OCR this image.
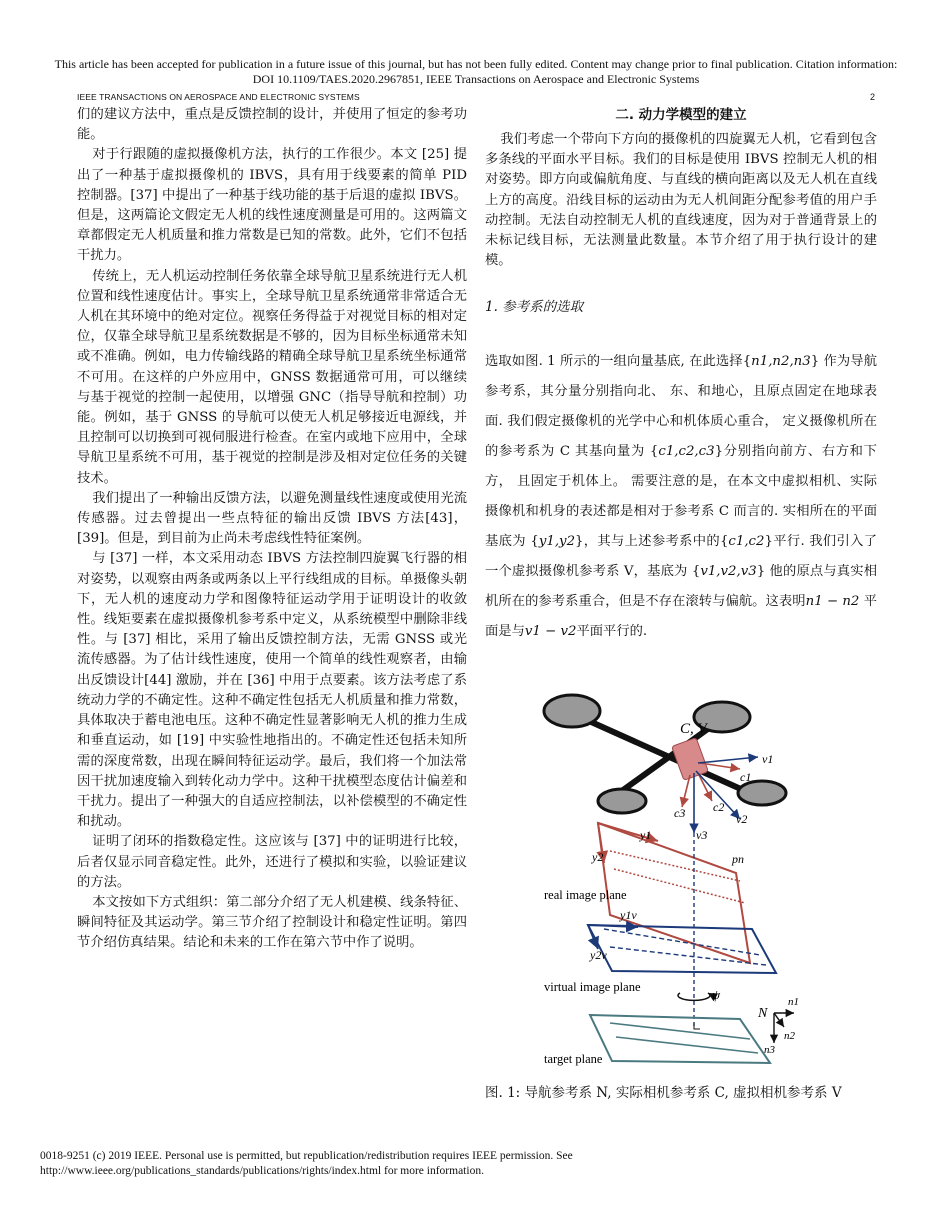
This article has been accepted for publication in a future issue of this journal, but has not been fully edited. Content may change prior to final publication. Citation information:
DOI 10.1109/TAES.2020.2967851, IEEE Transactions on Aerospace and Electronic Systems
IEEE TRANSACTIONS ON AEROSPACE AND ELECTRONIC SYSTEMS	2

们的建议方法中，重点是反馈控制的设计，并使用了恒定的参考功能。

对于行跟随的虚拟摄像机方法，执行的工作很少。本文 [25] 提出了一种基于虚拟摄像机的 IBVS，具有用于线要素的简单 PID 控制器。[37] 中提出了一种基于线功能的基于后退的虚拟 IBVS。但是，这两篇论文假定无人机的线性速度测量是可用的。这两篇文章都假定无人机质量和推力常数是已知的常数。此外，它们不包括干扰力。

传统上，无人机运动控制任务依靠全球导航卫星系统进行无人机位置和线性速度估计。事实上，全球导航卫星系统通常非常适合无人机在其环境中的绝对定位。视察任务得益于对视觉目标的相对定位，仅靠全球导航卫星系统数据是不够的，因为目标坐标通常未知或不准确。例如，电力传输线路的精确全球导航卫星系统坐标通常不可用。在这样的户外应用中，GNSS 数据通常可用，可以继续与基于视觉的控制一起使用，以增强 GNC（指导导航和控制）功能。例如，基于 GNSS 的导航可以使无人机足够接近电源线，并且控制可以切换到可视伺服进行检查。在室内或地下应用中，全球导航卫星系统不可用，基于视觉的控制是涉及相对定位任务的关键技术。

我们提出了一种输出反馈方法，以避免测量线性速度或使用光流传感器。过去曾提出一些点特征的输出反馈 IBVS 方法[43]，[39]。但是，到目前为止尚未考虑线性特征案例。

与 [37] 一样，本文采用动态 IBVS 方法控制四旋翼飞行器的相对姿势，以观察由两条或两条以上平行线组成的目标。单摄像头朝下，无人机的速度动力学和图像特征运动学用于证明设计的收敛性。线矩要素在虚拟摄像机参考系中定义，从系统模型中删除非线性。与 [37] 相比，采用了输出反馈控制方法，无需 GNSS 或光流传感器。为了估计线性速度，使用一个简单的线性观察者，由输出反馈设计[44] 激励，并在 [36] 中用于点要素。该方法考虑了系统动力学的不确定性。这种不确定性包括无人机质量和推力常数，具体取决于蓄电池电压。这种不确定性显著影响无人机的推力生成和垂直运动，如 [19] 中实验性地指出的。不确定性还包括未知所需的深度常数，出现在瞬间特征运动学。最后，我们将一个加法常因干扰加速度输入到转化动力学中。这种干扰模型态度估计偏差和干扰力。提出了一种强大的自适应控制法，以补偿模型的不确定性和扰动。

证明了闭环的指数稳定性。这应该与 [37] 中的证明进行比较，后者仅显示同音稳定性。此外，还进行了模拟和实验，以验证建议的方法。

本文按如下方式组织：第二部分介绍了无人机建模、线条特征、瞬间特征及其运动学。第三节介绍了控制设计和稳定性证明。第四节介绍仿真结果。结论和未来的工作在第六节中作了说明。

二. 动力学模型的建立

我们考虑一个带向下方向的摄像机的四旋翼无人机，它看到包含多条线的平面水平目标。我们的目标是使用 IBVS 控制无人机的相对姿势。即方向或偏航角度、与直线的横向距离以及无人机在直线上方的高度。沿线目标的运动由为无人机间距分配参考值的用户手动控制。无法自动控制无人机的直线速度，因为对于普通背景上的未标记线目标，无法测量此数量。本节介绍了用于执行设计的建模。

1. 参考系的选取

选取如图. 1 所示的一组向量基底, 在此选择{n1,n2,n3} 作为导航参考系，其分量分别指向北、 东、和地心，且原点固定在地球表面. 我们假定摄像机的光学中心和机体质心重合， 定义摄像机所在的参考系为 C 其基向量为 {c1,c2,c3}分别指向前方、右方和下方， 且固定于机体上。 需要注意的是，在本文中虚拟相机、实际摄像机和机身的表述都是相对于参考系 C 而言的. 实相所在的平面基底为 {y1,y2}，其与上述参考系中的{c1,c2}平行. 我们引入了一个虚拟摄像机参考系 V，基底为 {v1,v2,v3} 他的原点与真实相机所在的参考系重合，但是不存在滚转与偏航。这表明n1 − n2 平面是与v1 − v2平面平行的.

C, V
c1
c2
c3
v1
v2
v3
y1
y2	pn
real image plane
y1v
y2v
virtual image plane	ψ
target plane
N
n1
n2
n3
图. 1: 导航参考系 N, 实际相机参考系 C, 虚拟相机参考系 V
0018-9251 (c) 2019 IEEE. Personal use is permitted, but republication/redistribution requires IEEE permission. See
http://www.ieee.org/publications_standards/publications/rights/index.html for more information.
